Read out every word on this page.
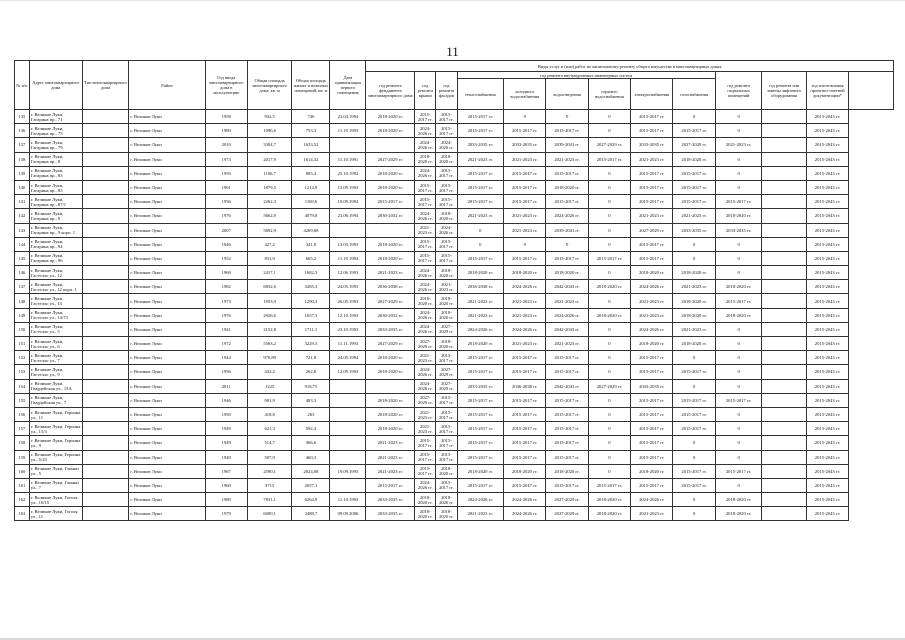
11
№ п/п	Адрес многоквартирного дома	Тип многоквартирного дома	Район	Год ввода многоквартирного дома в эксплуатацию	Общая площадь многоквартирного дома, кв. м	Общая площадь жилых и нежилых помещений, кв. м	Дата приватизации первого помещения	Виды услуг и (или) работ по капитальному ремонту общего имущества в многоквартирных домах												
								год ремонта фундамента многоквартирного дома	год ремонта крыши	год ремонта фасадов	год ремонта внутридомовых инженерных систем						год ремонта подвальных помещений	год ремонта или замены лифтового оборудования	год изготовления проектно-сметной документации*	
											теплоснабжения	холодного водоснабжения	водоотведения	горячего водоснабжения	электроснабжения	газоснабжения				
135	г. Великие Луки, Гагарина пр., 71		г. Великие Луки	1958	932,5	746	23.04.1994	2018-2020 гг.	2015-2017 гг.	2015-2017 гг.	2015-2017 гг.	0	0	0	2015-2017 гг.	0	0		2015-2043 гг.	
136	г. Великие Луки, Гагарина пр., 75		г. Великие Луки	1980	1096,6	753,3	11.10.1993	2018-2020 гг.	2024-2026 гг.	2015-2017 гг.	2015-2017 гг.	2015-2017 гг.	2015-2017 гг.	0	2015-2017 гг.	2015-2017 гг.	0		2015-2043 гг.	
137	г. Великие Луки, Гагарина пр., 79		г. Великие Луки	2010	3304,7	1633,52			2024-2026 гг.	2024-2026 гг.	2033-2035 гг.	2033-2035 гг.	2039-2041 гг.	2027-2029 гг.	2033-2035 гг.	2027-2029 гг.	2021-2023 гг.		2015-2043 гг.	
138	г. Великие Луки, Гагарина пр., 8		г. Великие Луки	1973	2017,9	1614,32	11.10.1991	2027-2029 гг.	2018-2020 гг.	2018-2020 гг.	2021-2023 гг.	2021-2023 гг.	2021-2023 гг.	2015-2017 гг.	2021-2023 гг.	2018-2020 гг.	0		2015-2043 гг.	
139	г. Великие Луки, Гагарина пр., 83		г. Великие Луки	1959	1106,7	885,4	25.10.1992	2018-2020 гг.	2024-2026 гг.	2015-2017 гг.	2015-2017 гг.	2015-2017 гг.	2015-2017 гг.	0	2015-2017 гг.	2015-2017 гг.	0		2015-2043 гг.	
140	г. Великие Луки, Гагарина пр., 85		г. Великие Луки	1961	1879,5	1214,9	13.09.1993	2018-2020 гг.	2015-2017 гг.	2015-2017 гг.	2015-2017 гг.	2015-2017 гг.	2018-2020 гг.	0	2015-2017 гг.	2015-2017 гг.	0		2015-2043 гг.	
141	г. Великие Луки, Гагарина пр., 87/1		г. Великие Луки	1956	2262,3	1169,6	10.09.1994	2015-2017 гг.	2015-2017 гг.	2015-2017 гг.	2015-2017 гг.	2015-2017 гг.	2015-2017 гг.	0	2015-2017 гг.	2015-2017 гг.	2015-2017 гг.		2015-2043 гг.	
142	г. Великие Луки, Гагарина пр., 9		г. Великие Луки	1976	5662,9	4079,8	23.06.1994	2030-2032 гг.	2024-2026 гг.	2018-2020 гг.	2021-2023 гг.	2021-2023 гг.	2024-2026 гг.	0	2021-2023 гг.	2021-2023 гг.	2018-2020 гг.		2015-2043 гг.	
143	г. Великие Луки, Гагарина пр., 9 корп. 1		г. Великие Луки	2007	5692,9	4269,68			2021-2023 гг.	2024-2026 гг.	0	2021-2023 гг.	2039-2041 гг.	0	2027-2029 гг.	2033-2035 гг.	2033-2035 гг.		2015-2043 гг.	
144	г. Великие Луки, Гагарина пр., 94		г. Великие Луки	1946	427,2	341,8	13.03.1993	2018-2020 гг.	2015-2017 гг.	2015-2017 гг.	0	0	0	0	2015-2017 гг.	0	0		2015-2043 гг.	
145	г. Великие Луки, Гагарина пр., 96		г. Великие Луки	1952	831,9	665,2	11.10.1994	2018-2020 гг.	2015-2017 гг.	2015-2017 гг.	2015-2017 гг.	2015-2017 гг.	2015-2017 гг.	2015-2017 гг.	2015-2017 гг.	0	0		2015-2043 гг.	
146	г. Великие Луки, Гастелло ул., 12		г. Великие Луки	1969	2417,1	1682,3	12.06.1993	2021-2023 гг.	2024-2026 гг.	2018-2020 гг.	2018-2020 гг.	2018-2020 гг.	2018-2020 гг.	0	2018-2020 гг.	2018-2020 гг.	0		2015-2043 гг.	
147	г. Великие Луки, Гастелло ул., 12 корп. 1		г. Великие Луки	1982	6832,6	3265,3	24.05.1993	2036-2038 гг.	2024-2026 гг.	2021-2023 гг.	2036-2038 гг.	2024-2026 гг.	2042-2043 гг.	2018-2020 гг.	2024-2026 гг.	2021-2023 гг.	2018-2020 гг.		2015-2043 гг.	
148	г. Великие Луки, Гастелло ул., 13		г. Великие Луки	1973	1953,9	1290,3	26.05.1993	2027-2029 гг.	2018-2020 гг.	2018-2020 гг.	2021-2023 гг.	2021-2023 гг.	2021-2023 гг.	0	2021-2023 гг.	2018-2020 гг.	2015-2017 гг.		2015-2043 гг.	
149	г. Великие Луки, Гастелло ул., 14/73		г. Великие Луки	1976	2926,6	1657,3	12.10.1993	2030-2032 гг.	2024-2026 гг.	2018-2020 гг.	2021-2023 гг.	2021-2023 гг.	2024-2026 гг.	2018-2020 гг.	2021-2023 гг.	2018-2020 гг.	2018-2020 гг.		2015-2043 гг.	
150	г. Великие Луки, Гастелло ул., 5		г. Великие Луки	1941	2152,8	1711,1	23.10.1993	2033-2035 гг.	2024-2026 гг.	2027-2029 гг.	2024-2026 гг.	2024-2026 гг.	2042-2043 гг.	0	2024-2026 гг.	2021-2023 гг.	0		2015-2043 гг.	
151	г. Великие Луки, Гастелло ул., 6		г. Великие Луки	1972	5563,2	3229,3	11.11.1993	2027-2029 гг.	2027-2029 гг.	2018-2020 гг.	2018-2020 гг.	2021-2023 гг.	2021-2023 гг.	0	2018-2020 гг.	2018-2020 гг.	0		2015-2043 гг.	
152	г. Великие Луки, Гастелло ул., 7		г. Великие Луки	1944	970,89	721,8	24.05.1994	2018-2020 гг.	2021-2023 гг.	2015-2017 гг.	2015-2017 гг.	2015-2017 гг.	2015-2017 гг.	0	2015-2017 гг.	0	0		2015-2043 гг.	
153	г. Великие Луки, Гастелло ул., 9		г. Великие Луки	1956	432,2	262,8	12.09.1993	2018-2020 гг.	2024-2026 гг.	2027-2029 гг.	2015-2017 гг.	2015-2017 гг.	2015-2017 гг.	0	2015-2017 гг.	2015-2017 гг.	0		2015-2043 гг.	
154	г. Великие Луки, Гвардейская ул., 15А		г. Великие Луки	2011	1225	918,75			2024-2026 гг.	2027-2029 гг.	2033-2035 гг.	2036-2038 гг.	2042-2043 гг.	2027-2029 гг.	2033-2035 гг.	0	0		2015-2043 гг.	
155	г. Великие Луки, Гвардейская ул., 7		г. Великие Луки	1946	901,9	483,3		2018-2020 гг.	2027-2029 гг.	2015-2017 гг.	2015-2017 гг.	2015-2017 гг.	2015-2017 гг.	0	2015-2017 гг.	2015-2017 гг.	2015-2017 гг.		2015-2043 гг.	
156	г. Великие Луки, Героина ул., 11		г. Великие Луки	1950	418,8	263		2018-2020 гг.	2021-2023 гг.	2015-2017 гг.	2015-2017 гг.	2015-2017 гг.	2015-2017 гг.	0	2015-2017 гг.	2015-2017 гг.	0		2015-2043 гг.	
157	г. Великие Луки, Героина ул., 15/3		г. Великие Луки	1949	621,3	592,4		2018-2020 гг.	2021-2023 гг.	2015-2017 гг.	2015-2017 гг.	2015-2017 гг.	2015-2017 гг.	0	2015-2017 гг.	2015-2017 гг.	0		2015-2043 гг.	
158	г. Великие Луки, Героина ул., 9		г. Великие Луки	1949	514,7	366,6		2021-2023 гг.	2015-2017 гг.	2015-2017 гг.	2015-2017 гг.	2015-2017 гг.	2015-2017 гг.	0	2015-2017 гг.	0	0		2015-2043 гг.	
159	г. Великие Луки, Героина ул., 5/23		г. Великие Луки	1949	507,9	460,3		2021-2023 гг.	2015-2017 гг.	2015-2017 гг.	2015-2017 гг.	2015-2017 гг.	2015-2017 гг.	0	2015-2017 гг.	0	0		2015-2043 гг.	
160	г. Великие Луки, Глинки ул., 5		г. Великие Луки	1967	2590,1	2024,08	19.09.1995	2021-2023 гг.	2015-2017 гг.	2018-2020 гг.	2018-2020 гг.	2018-2020 гг.	2018-2020 гг.	0	2018-2020 гг.	2015-2017 гг.	2015-2017 гг.		2015-2043 гг.	
161	г. Великие Луки, Глинки ул., 7		г. Великие Луки	1960	3715	2057,1		2015-2017 гг.	2024-2026 гг.	2015-2017 гг.	2015-2017 гг.	2015-2017 гг.	2015-2017 гг.	2015-2017 гг.	2015-2017 гг.	2015-2017 гг.	0		2015-2043 гг.	
162	г. Великие Луки, Гоголя ул., 10/15		г. Великие Луки	1980	7831,1	6264,9	11.10.1993	2033-2035 гг.	2018-2020 гг.	2018-2020 гг.	2024-2026 гг.	2024-2026 гг.	2027-2029 гг.	2018-2020 гг.	2024-2026 гг.	0	2018-2020 гг.		2015-2043 гг.	
163	г. Великие Луки, Гоголя ул., 11		г. Великие Луки	1979	6000,1	2488,7	09.09.2006	2033-2035 гг.	2018-2020 гг.	2018-2020 гг.	2021-2023 гг.	2024-2026 гг.	2027-2029 гг.	2018-2020 гг.	2021-2023 гг.	0	2018-2020 гг.		2015-2043 гг.	
